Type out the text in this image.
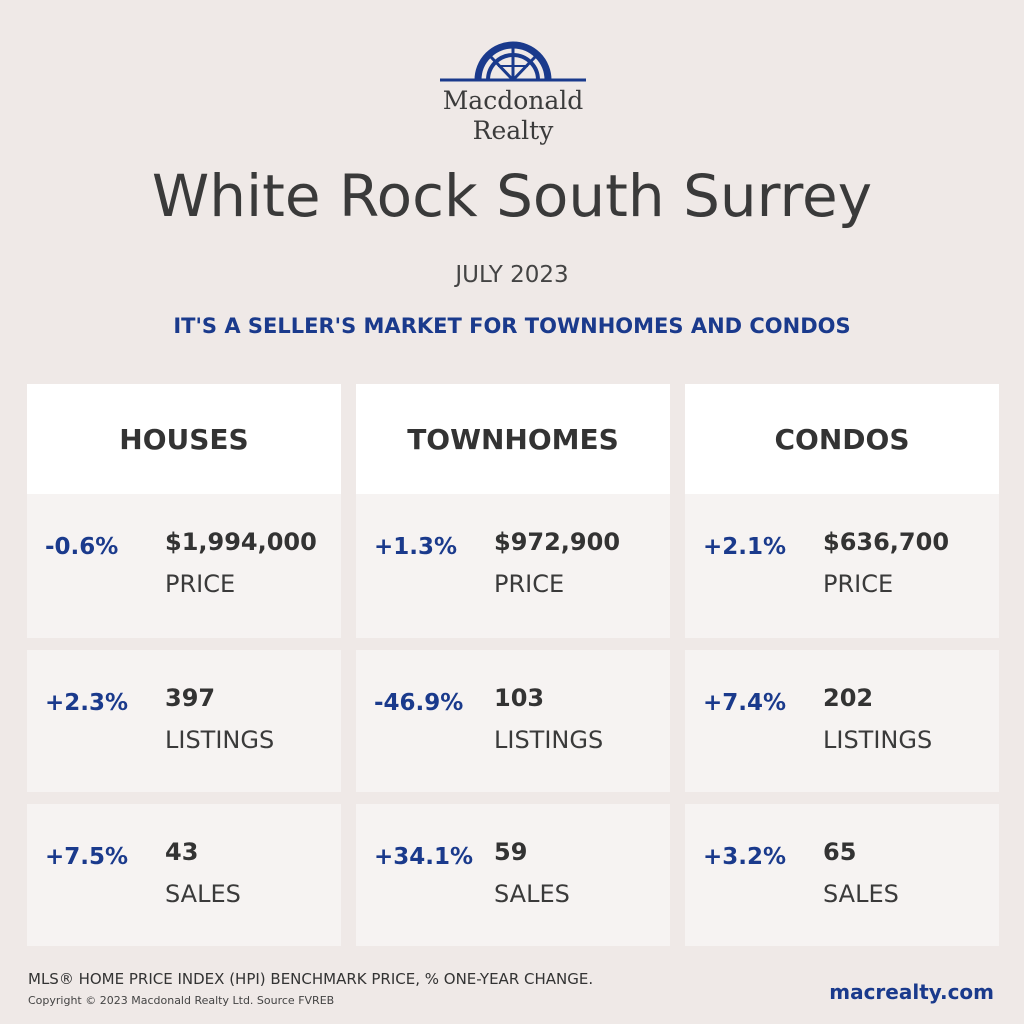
Macdonald
Realty
White Rock South Surrey
JULY 2023
IT'S A SELLER'S MARKET FOR TOWNHOMES AND CONDOS
HOUSES
-0.6% $1,994,000
PRICE
+2.3% 397
LISTINGS
+7.5% 43
SALES
TOWNHOMES
+1.3% $972,900
PRICE
-46.9% 103
LISTINGS
+34.1% 59
SALES
CONDOS
+2.1% $636,700
PRICE
+7.4% 202
LISTINGS
+3.2% 65
SALES
MLS® HOME PRICE INDEX (HPI) BENCHMARK PRICE, % ONE-YEAR CHANGE.
Copyright © 2023 Macdonald Realty Ltd. Source FVREB	macrealty.com
